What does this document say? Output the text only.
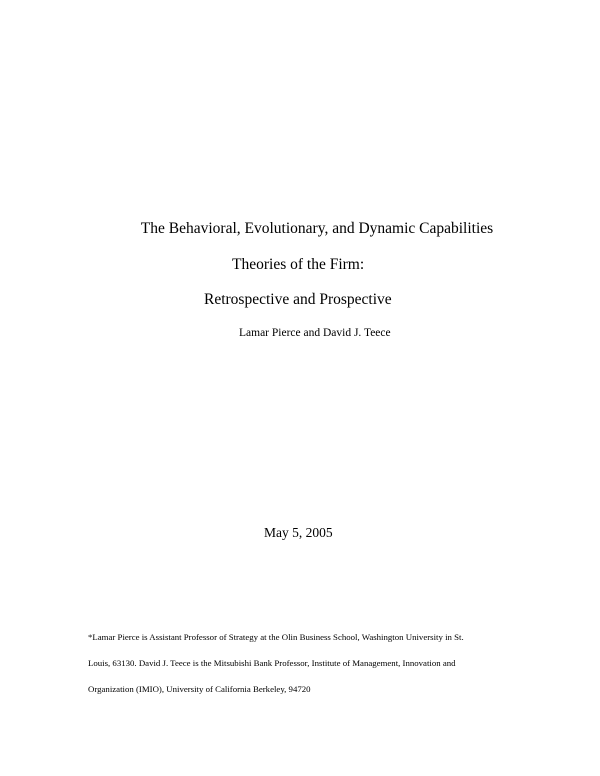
The Behavioral, Evolutionary, and Dynamic Capabilities
Theories of the Firm:
Retrospective and Prospective
Lamar Pierce and David J. Teece
May 5, 2005
*Lamar Pierce is Assistant Professor of Strategy at the Olin Business School, Washington University in St.
Louis, 63130. David J. Teece is the Mitsubishi Bank Professor, Institute of Management, Innovation and
Organization (IMIO), University of California Berkeley, 94720
